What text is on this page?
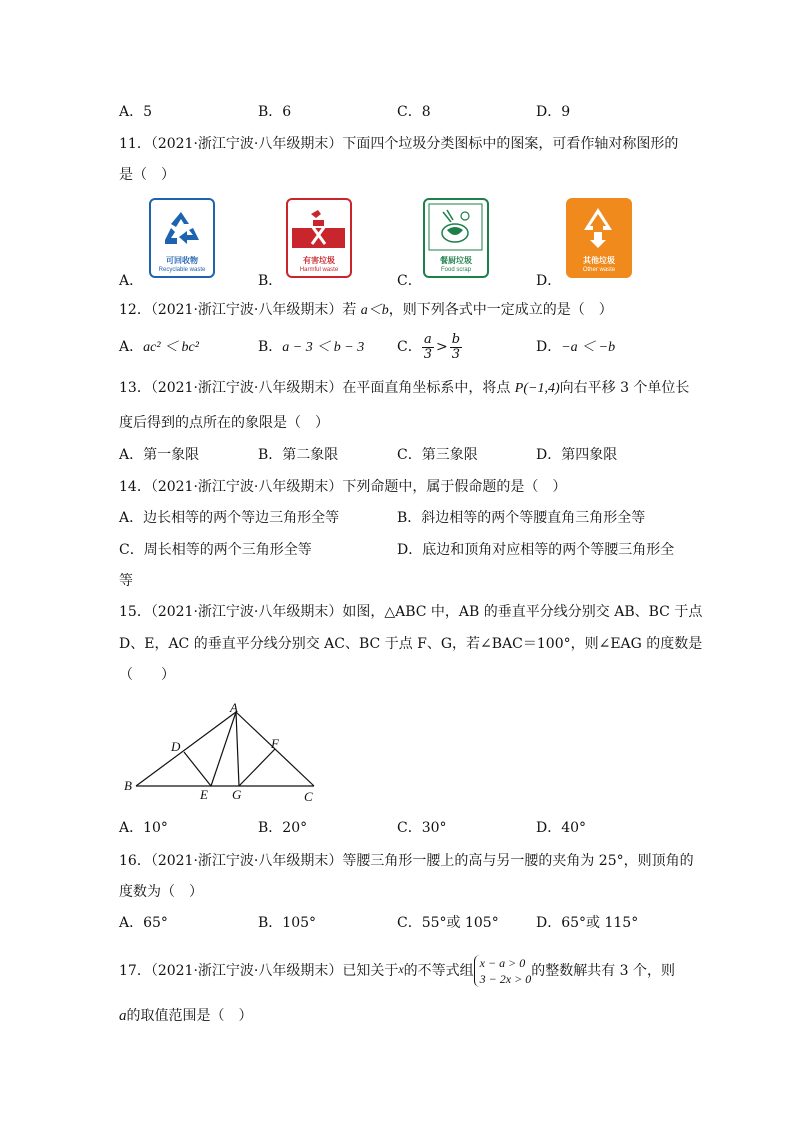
A．5	B．6	C．8	D．9
11．（2021·浙江宁波·八年级期末）下面四个垃圾分类图标中的图案，可看作轴对称图形的
是（　）
可回收物
Recyclable waste
有害垃圾
Harmful waste
餐厨垃圾
Food scrap
其他垃圾
Other waste
A．	B．	C．	D．
12．（2021·浙江宁波·八年级期末）若 a＜b，则下列各式中一定成立的是（　）
A．ac² ＜ bc²	B．a − 3 ＜ b − 3 C． $\frac{a}{3} > \frac{b}{3}$	D．−a ＜ −b
13．（2021·浙江宁波·八年级期末）在平面直角坐标系中，将点 P(−1,4)向右平移 3 个单位长
度后得到的点所在的象限是（　）
A．第一象限	B．第二象限	C．第三象限	D．第四象限
14．（2021·浙江宁波·八年级期末）下列命题中，属于假命题的是（　）
A．边长相等的两个等边三角形全等	B．斜边相等的两个等腰直角三角形全等
C．周长相等的两个三角形全等	D．底边和顶角对应相等的两个等腰三角形全
等
15．（2021·浙江宁波·八年级期末）如图，△ABC 中，AB 的垂直平分线分别交 AB、BC 于点
D、E，AC 的垂直平分线分别交 AC、BC 于点 F、G，若∠BAC＝100°，则∠EAG 的度数是
（　　）
A
B
C
D
E
F
G
A．10°	B．20°	C．30°	D．40°
16．（2021·浙江宁波·八年级期末）等腰三角形一腰上的高与另一腰的夹角为 25°，则顶角的
度数为（　）
A．65°	B．105°	C．55°或 105°	D．65°或 115°
17．（2021·浙江宁波·八年级期末）已知关于x的不等式组 x − a > 0
3 − 2x > 0 的整数解共有 3 个，则
a的取值范围是（　）
